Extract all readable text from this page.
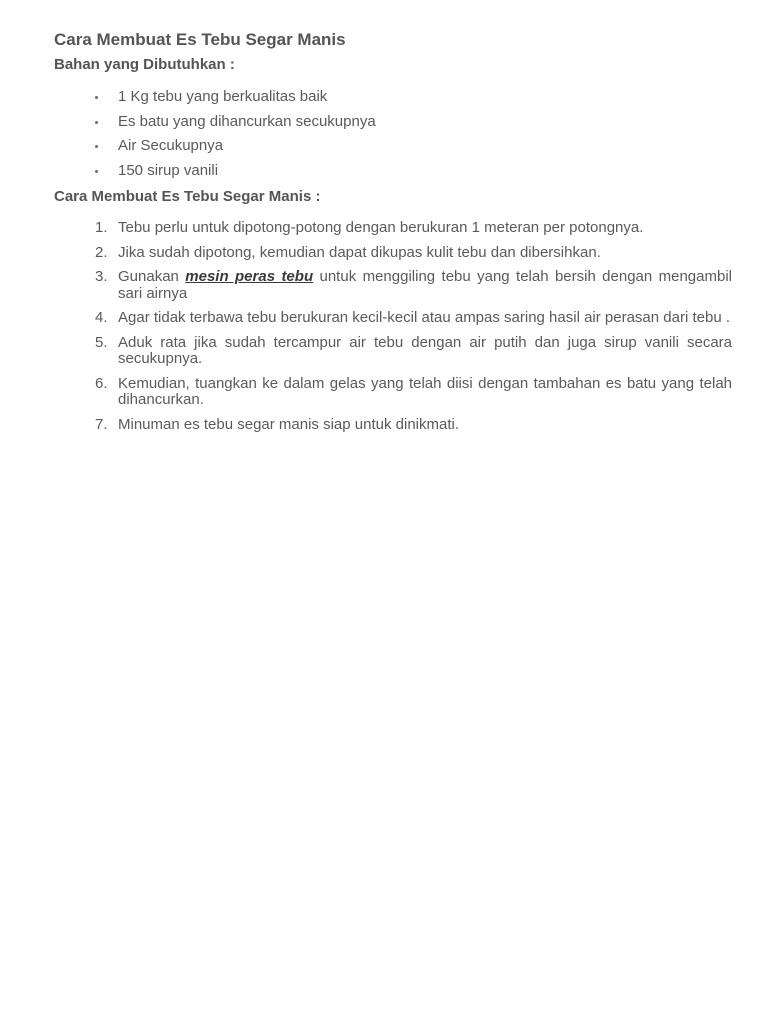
Cara Membuat Es Tebu Segar Manis
Bahan yang Dibutuhkan :
1 Kg tebu yang berkualitas baik
Es batu yang dihancurkan secukupnya
Air Secukupnya
150 sirup vanili
Cara Membuat Es Tebu Segar Manis :
1. Tebu perlu untuk dipotong-potong dengan berukuran 1 meteran per potongnya.
2. Jika sudah dipotong, kemudian dapat dikupas kulit tebu dan dibersihkan.
3. Gunakan mesin peras tebu untuk menggiling tebu yang telah bersih dengan mengambil sari airnya
4. Agar tidak terbawa tebu berukuran kecil-kecil atau ampas saring hasil air perasan dari tebu .
5. Aduk rata jika sudah tercampur air tebu dengan air putih dan juga sirup vanili secara secukupnya.
6. Kemudian, tuangkan ke dalam gelas yang telah diisi dengan tambahan es batu yang telah dihancurkan.
7. Minuman es tebu segar manis siap untuk dinikmati.
